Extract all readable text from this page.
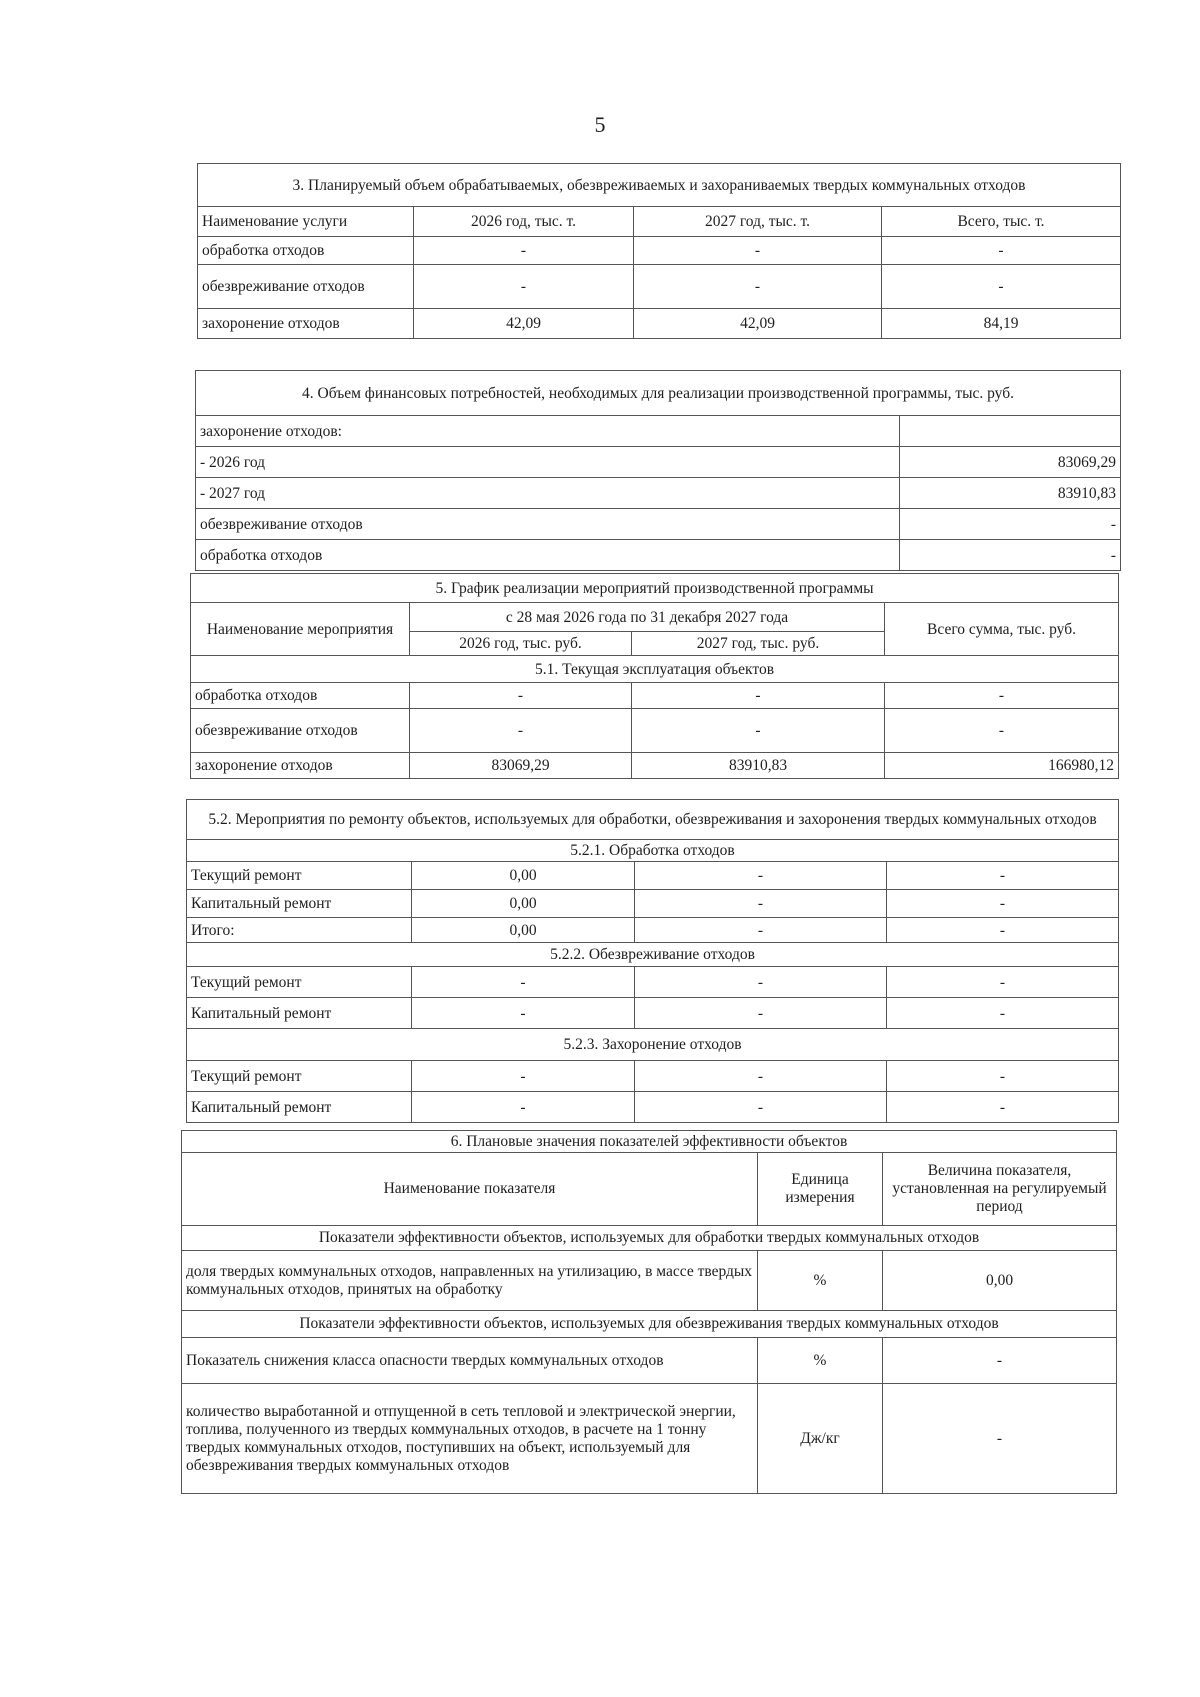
5
3. Планируемый объем обрабатываемых, обезвреживаемых и захораниваемых твердых коммунальных отходов			
Наименование услуги	2026 год, тыс. т.	2027 год, тыс. т.	Всего, тыс. т.
обработка отходов	-	-	-
обезвреживание отходов	-	-	-
захоронение отходов	42,09	42,09	84,19
4. Объем финансовых потребностей, необходимых для реализации производственной программы, тыс. руб.	
захоронение отходов:	
- 2026 год	83069,29
- 2027 год	83910,83
обезвреживание отходов	-
обработка отходов	-
5. График реализации мероприятий производственной программы			
Наименование мероприятия	с 28 мая 2026 года по 31 декабря 2027 года		Всего сумма, тыс. руб.
	2026 год, тыс. руб.	2027 год, тыс. руб.	
5.1. Текущая эксплуатация объектов			
обработка отходов	-	-	-
обезвреживание отходов	-	-	-
захоронение отходов	83069,29	83910,83	166980,12
5.2. Мероприятия по ремонту объектов, используемых для обработки, обезвреживания и захоронения твердых коммунальных отходов			
5.2.1. Обработка отходов			
Текущий ремонт	0,00	-	-
Капитальный ремонт	0,00	-	-
Итого:	0,00	-	-
5.2.2. Обезвреживание отходов			
Текущий ремонт	-	-	-
Капитальный ремонт	-	-	-
5.2.3. Захоронение отходов			
Текущий ремонт	-	-	-
Капитальный ремонт	-	-	-
6. Плановые значения показателей эффективности объектов		
Наименование показателя	Единица измерения	Величина показателя, установленная на регулируемый период
Показатели эффективности объектов, используемых для обработки твердых коммунальных отходов		
доля твердых коммунальных отходов, направленных на утилизацию, в массе твердых коммунальных отходов, принятых на обработку	%	0,00
Показатели эффективности объектов, используемых для обезвреживания твердых коммунальных отходов		
Показатель снижения класса опасности твердых коммунальных отходов	%	-
количество выработанной и отпущенной в сеть тепловой и электрической энергии, топлива, полученного из твердых коммунальных отходов, в расчете на 1 тонну твердых коммунальных отходов, поступивших на объект, используемый для обезвреживания твердых коммунальных отходов	Дж/кг	-
